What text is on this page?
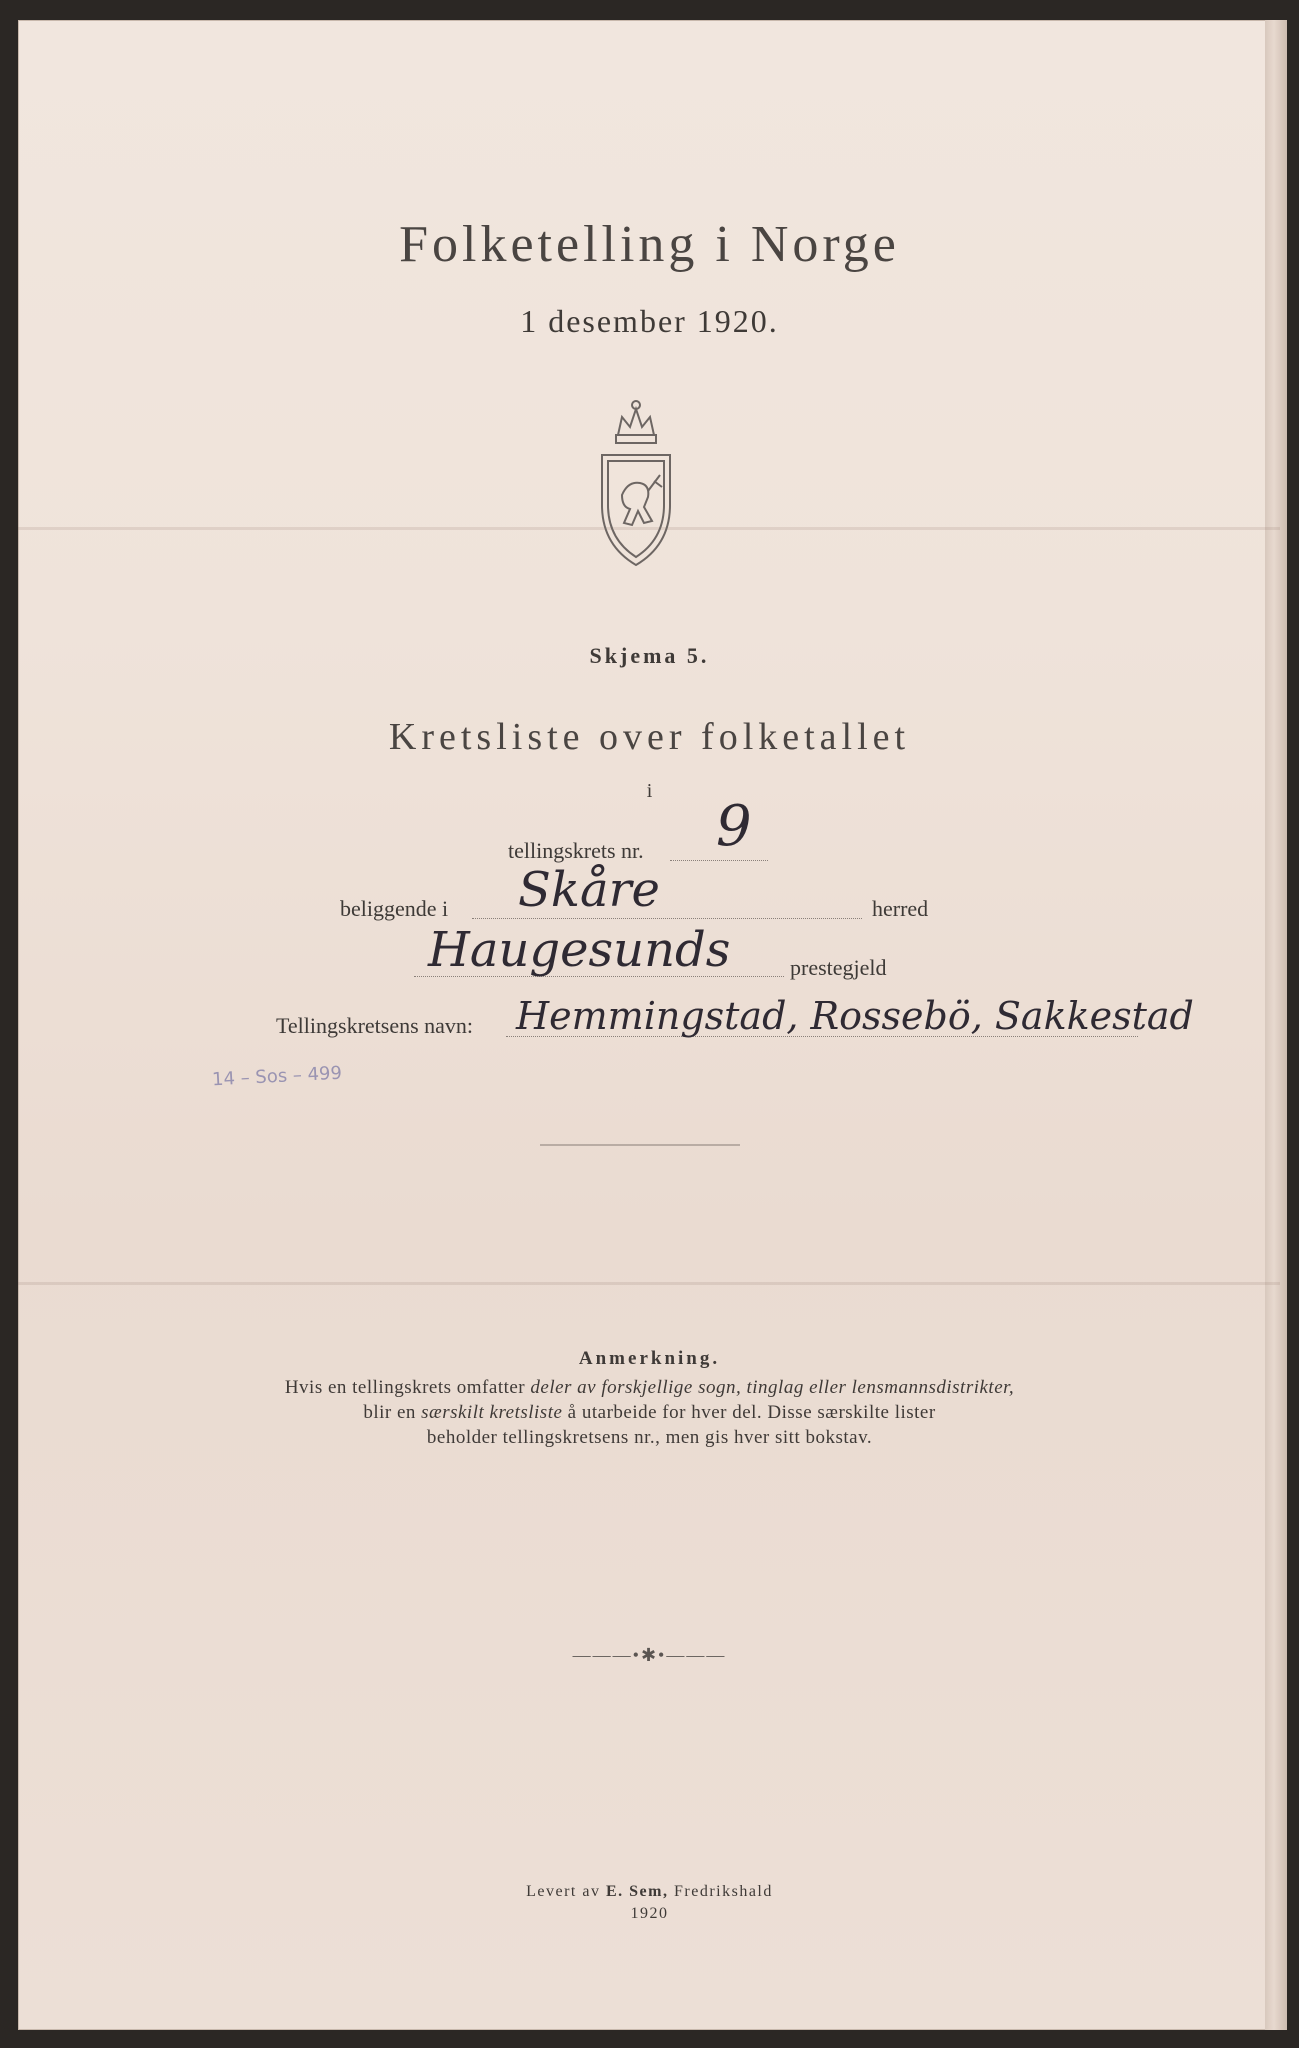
Folketelling i Norge
1 desember 1920.
Skjema 5.
Kretsliste over folketallet
i
tellingskrets nr. 9
beliggende i Skåre	herred
Haugesunds	prestegjeld
Tellingskretsens navn: Hemmingstad, Rossebö, Sakkestad
14 – Sos – 499
Anmerkning.
Hvis en tellingskrets omfatter deler av forskjellige sogn, tinglag eller lensmannsdistrikter,
blir en særskilt kretsliste å utarbeide for hver del. Disse særskilte lister
beholder tellingskretsens nr., men gis hver sitt bokstav.
———•✱•———
Levert av E. Sem, Fredrikshald
1920
